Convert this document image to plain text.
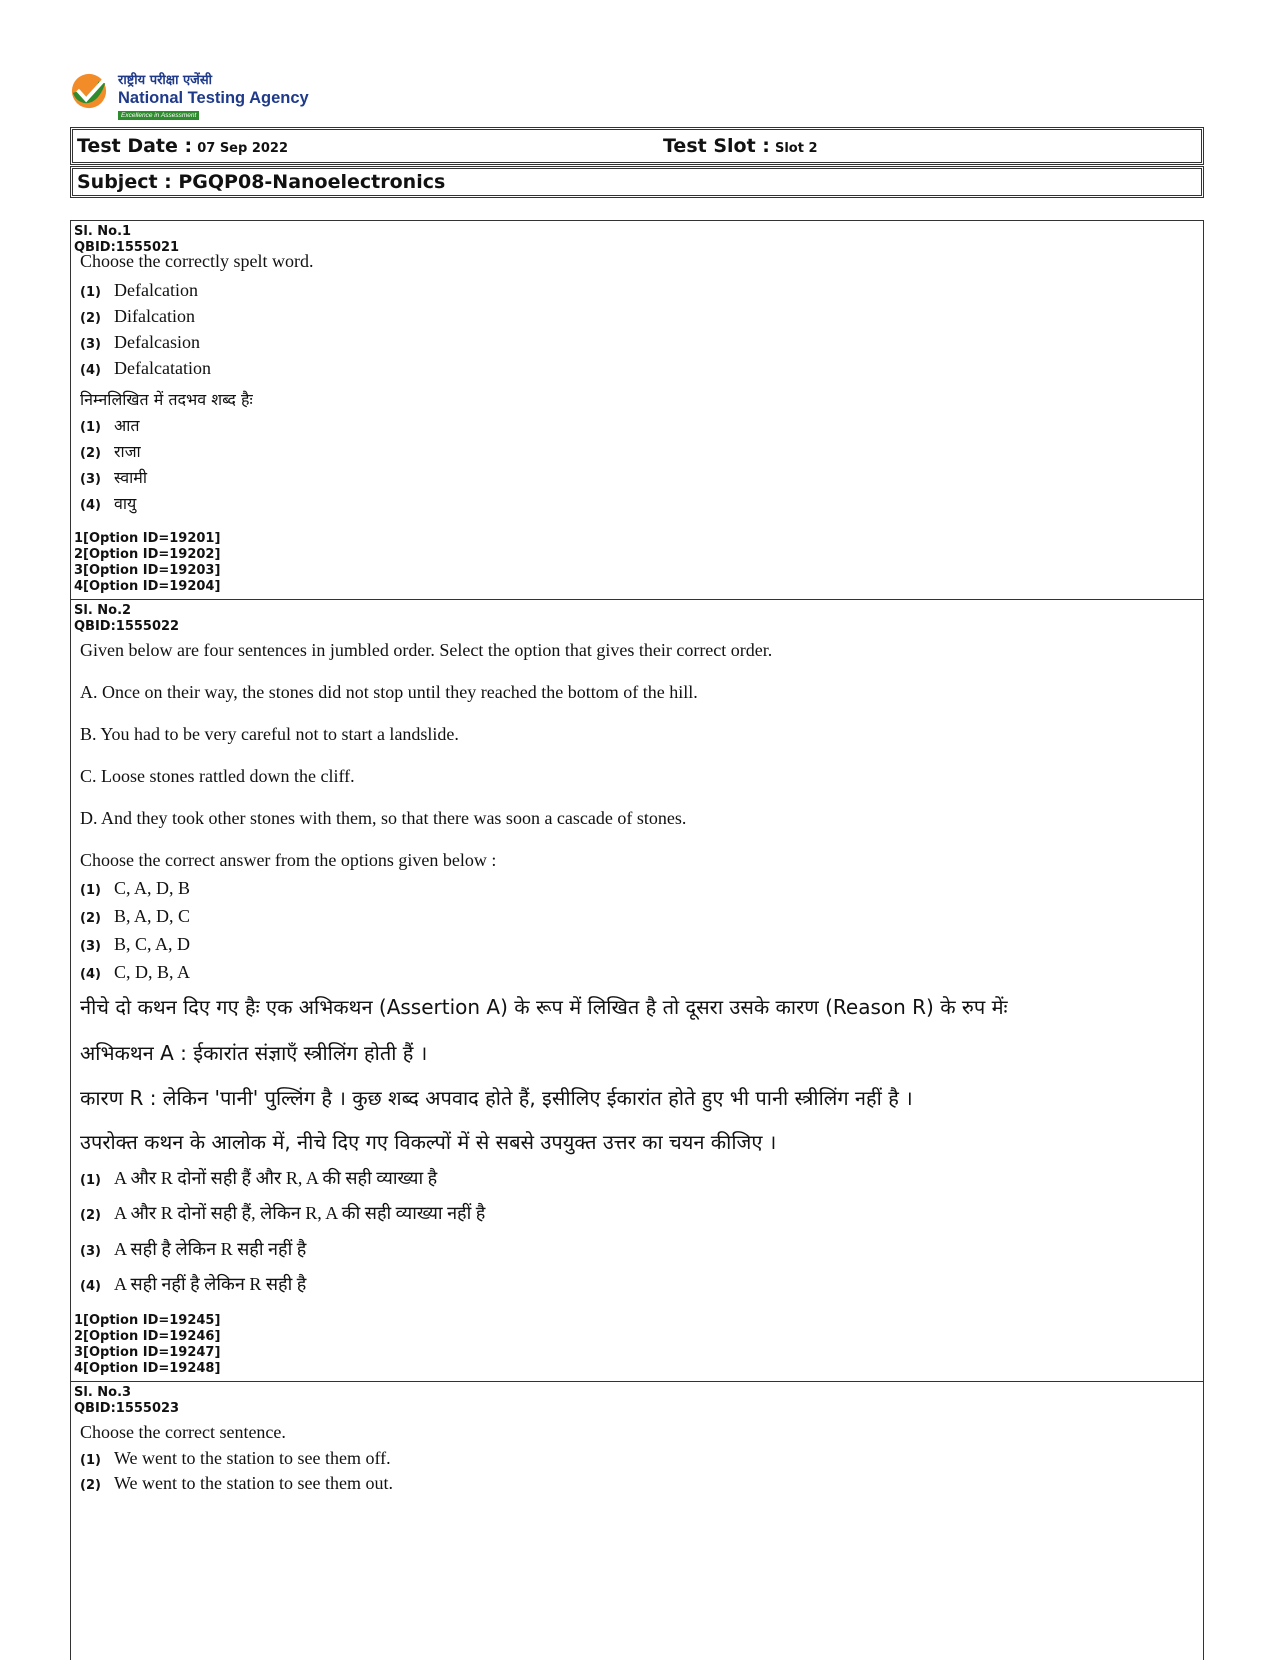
राष्ट्रीय परीक्षा एजेंसी
National Testing Agency
Excellence in Assessment
Test Date : 07 Sep 2022	Test Slot : Slot 2
Subject : PGQP08-Nanoelectronics
Sl. No.1
QBID:1555021
Choose the correctly spelt word.
(1) Defalcation
(2) Difalcation
(3) Defalcasion
(4) Defalcatation
निम्नलिखित में तदभव शब्द हैः
(1) आत
(2) राजा
(3) स्वामी
(4) वायु
1[Option ID=19201]
2[Option ID=19202]
3[Option ID=19203]
4[Option ID=19204]
Sl. No.2
QBID:1555022
Given below are four sentences in jumbled order. Select the option that gives their correct order.
A. Once on their way, the stones did not stop until they reached the bottom of the hill.
B. You had to be very careful not to start a landslide.
C. Loose stones rattled down the cliff.
D. And they took other stones with them, so that there was soon a cascade of stones.
Choose the correct answer from the options given below :
(1) C, A, D, B
(2) B, A, D, C
(3) B, C, A, D
(4) C, D, B, A
नीचे दो कथन दिए गए हैः एक अभिकथन (Assertion A) के रूप में लिखित है तो दूसरा उसके कारण (Reason R) के रुप मेंः
अभिकथन A : ईकारांत संज्ञाएँ स्त्रीलिंग होती हैं ।
कारण R : लेकिन 'पानी' पुल्लिंग है । कुछ शब्द अपवाद होते हैं, इसीलिए ईकारांत होते हुए भी पानी स्त्रीलिंग नहीं है ।
उपरोक्त कथन के आलोक में, नीचे दिए गए विकल्पों में से सबसे उपयुक्त उत्तर का चयन कीजिए ।
(1) A और R दोनों सही हैं और R, A की सही व्याख्या है
(2) A और R दोनों सही हैं, लेकिन R, A की सही व्याख्या नहीं है
(3) A सही है लेकिन R सही नहीं है
(4) A सही नहीं है लेकिन R सही है
1[Option ID=19245]
2[Option ID=19246]
3[Option ID=19247]
4[Option ID=19248]
Sl. No.3
QBID:1555023
Choose the correct sentence.
(1) We went to the station to see them off.
(2) We went to the station to see them out.
